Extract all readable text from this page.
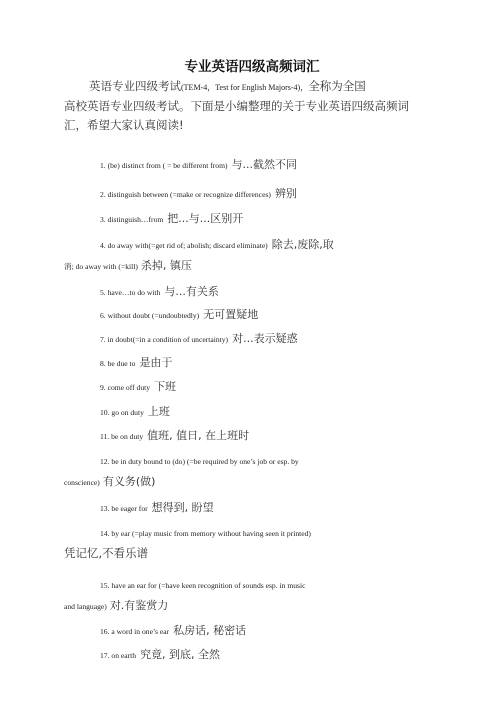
专业英语四级高频词汇
英语专业四级考试(TEM-4，Test for English Majors-4)，全称为全国
高校英语专业四级考试。下面是小编整理的关于专业英语四级高频词
汇，希望大家认真阅读!
1. (be) distinct from ( = be different from) 与...截然不同
2. distinguish between (=make or recognize differences) 辨别
3. distinguish…from 把...与...区别开
4. do away with(=get rid of; abolish; discard eliminate) 除去,废除,取
消; do away with (=kill) 杀掉, 镇压
5. have…to do with 与...有关系
6. without doubt (=undoubtedly) 无可置疑地
7. in doubt(=in a condition of uncertainty) 对...表示疑惑
8. be due to 是由于
9. come off duty 下班
10. go on duty 上班
11. be on duty 值班, 值日, 在上班时
12. be in duty bound to (do) (=be required by one’s job or esp. by
conscience) 有义务(做)
13. be eager for 想得到, 盼望
14. by ear (=play music from memory without having seen it printed)
凭记忆,不看乐谱
15. have an ear for (=have keen recognition of sounds esp. in music
and language) 对.有鉴赏力
16. a word in one’s ear 私房话, 秘密话
17. on earth 究竟, 到底, 全然
